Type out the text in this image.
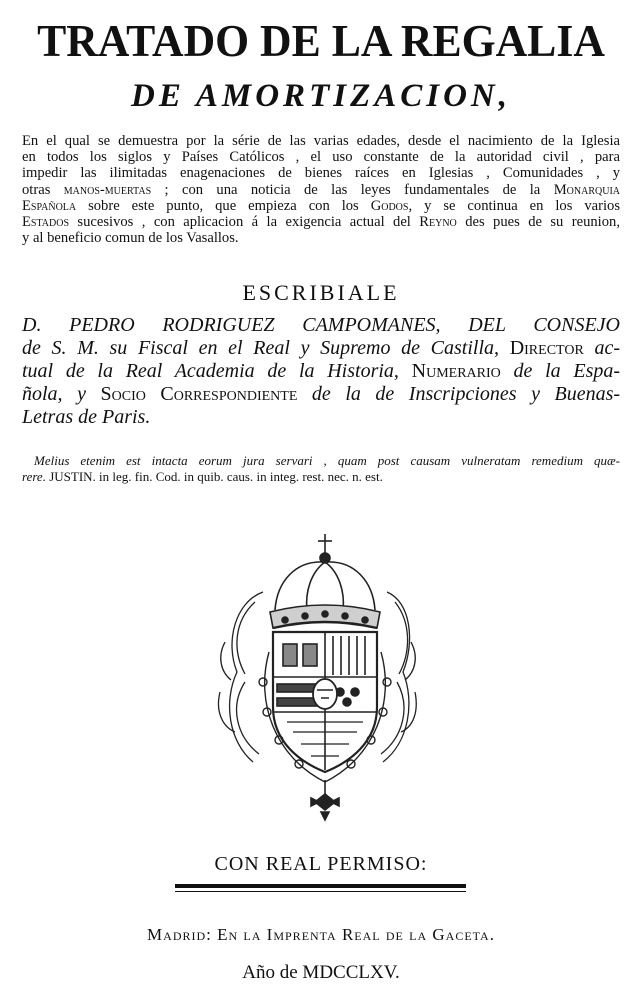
TRATADO DE LA REGALIA
DE AMORTIZACION,
En el qual se demuestra por la série de las varias edades, desde el nacimiento de la Iglesia
en todos los siglos y Países Católicos , el uso constante de la autoridad civil , para
impedir las ilimitadas enagenaciones de bienes raíces en Iglesias , Comunidades , y
otras manos-muertas ; con una noticia de las leyes fundamentales de la Monarquia
Española sobre este punto, que empieza con los Godos, y se continua en los varios
Estados sucesivos , con aplicacion á la exigencia actual del Reyno des pues de su reunion,
y al beneficio comun de los Vasallos.
ESCRIBIALE
D. PEDRO RODRIGUEZ CAMPOMANES, DEL CONSEJO
de S. M. su Fiscal en el Real y Supremo de Castilla, Director ac-
tual de la Real Academia de la Historia, Numerario de la Espa-
ñola, y Socio Correspondiente de la de Inscripciones y Buenas-
Letras de Paris.
Melius etenim est intacta eorum jura servari , quam post causam vulneratam remedium quæ-
rere. JUSTIN. in leg. fin. Cod. in quib. caus. in integ. rest. nec. n. est.
CON REAL PERMISO:
Madrid: En la Imprenta Real de la Gaceta.
Año de MDCCLXV.
